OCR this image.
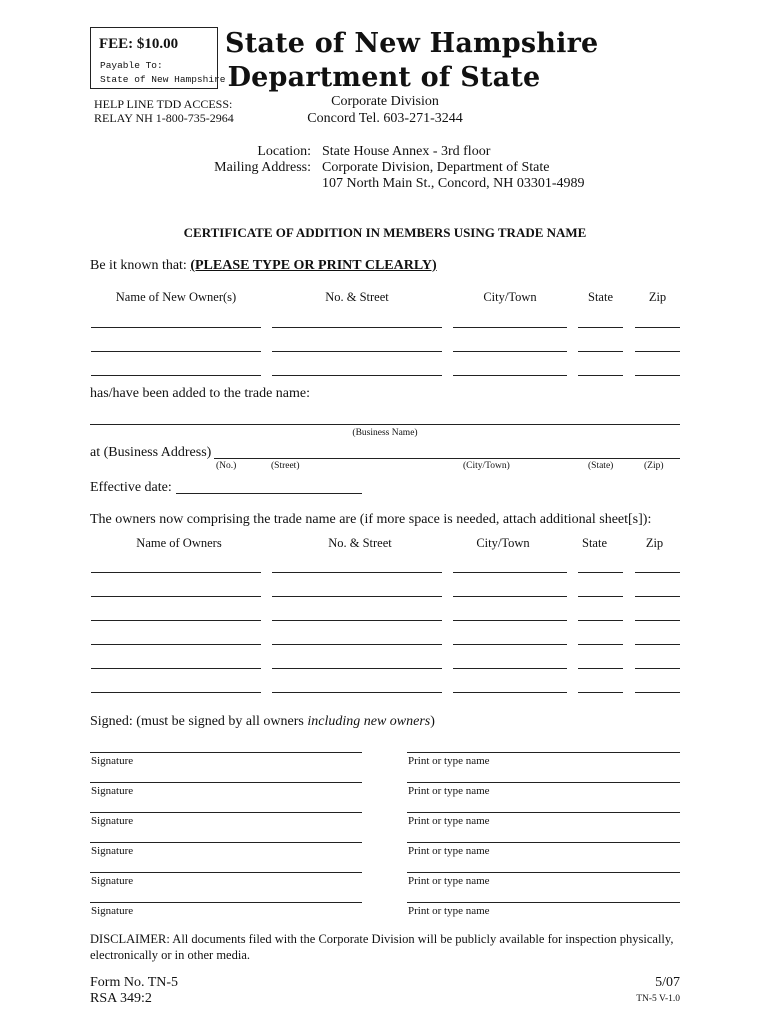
FEE: $10.00
Payable To:
State of New Hampshire
State of New Hampshire
Department of State
Corporate Division
Concord Tel. 603-271-3244
HELP LINE TDD ACCESS:
RELAY NH 1-800-735-2964
Location: State House Annex - 3rd floor
Mailing Address: Corporate Division, Department of State
107 North Main St., Concord, NH 03301-4989
CERTIFICATE OF ADDITION IN MEMBERS USING TRADE NAME
Be it known that: (PLEASE TYPE OR PRINT CLEARLY)
Name of New Owner(s)	No. & Street	City/Town	State	Zip
has/have been added to the trade name:
(Business Name)
at (Business Address)
(No.)	(Street)	(City/Town)	(State)	(Zip)
Effective date:
The owners now comprising the trade name are (if more space is needed, attach additional sheet[s]):
Name of Owners	No. & Street	City/Town	State	Zip
Signed: (must be signed by all owners including new owners)
Signature	Print or type name
Signature	Print or type name
Signature	Print or type name
Signature	Print or type name
Signature	Print or type name
Signature	Print or type name
DISCLAIMER: All documents filed with the Corporate Division will be publicly available for inspection physically, electronically or in other media.
Form No. TN-5
RSA 349:2
5/07
TN-5 V-1.0
